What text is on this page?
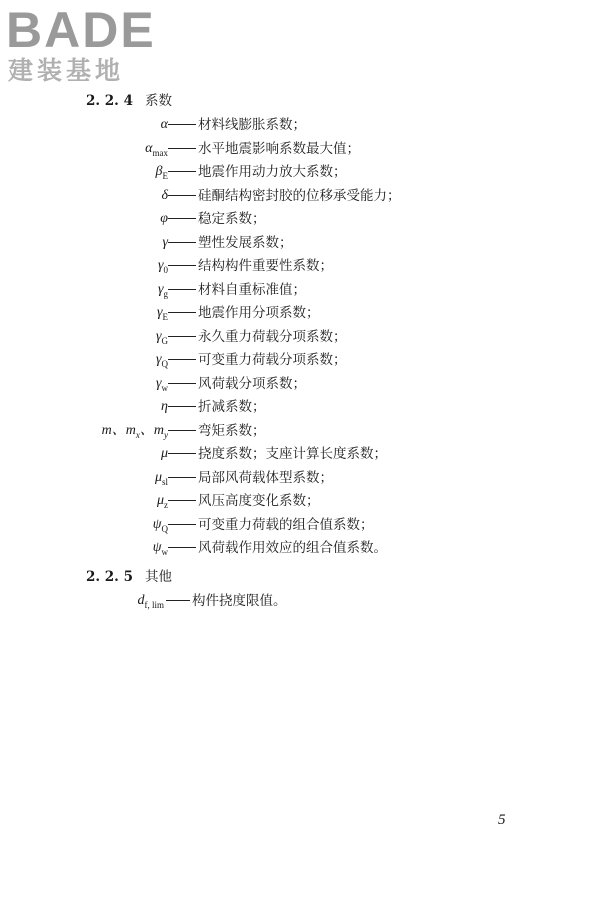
BADE
建装基地
2. 2. 4 系数
α 材料线膨胀系数；
$\alpha_{max}$ 水平地震影响系数最大值；
$\beta_E$ 地震作用动力放大系数；
δ 硅酮结构密封胶的位移承受能力；
φ 稳定系数；
γ 塑性发展系数；
$\gamma_0$ 结构构件重要性系数；
$\gamma_g$ 材料自重标准值；
$\gamma_E$ 地震作用分项系数；
$\gamma_G$ 永久重力荷载分项系数；
$\gamma_Q$ 可变重力荷载分项系数；
$\gamma_w$ 风荷载分项系数；
η 折减系数；
m、$m_x$、$m_y$ 弯矩系数；
μ 挠度系数；支座计算长度系数；
$\mu_{sl}$ 局部风荷载体型系数；
$\mu_z$ 风压高度变化系数；
$\psi_Q$ 可变重力荷载的组合值系数；
$\psi_w$ 风荷载作用效应的组合值系数。
2. 2. 5 其他
$d_{f, lim}$ 构件挠度限值。
5
